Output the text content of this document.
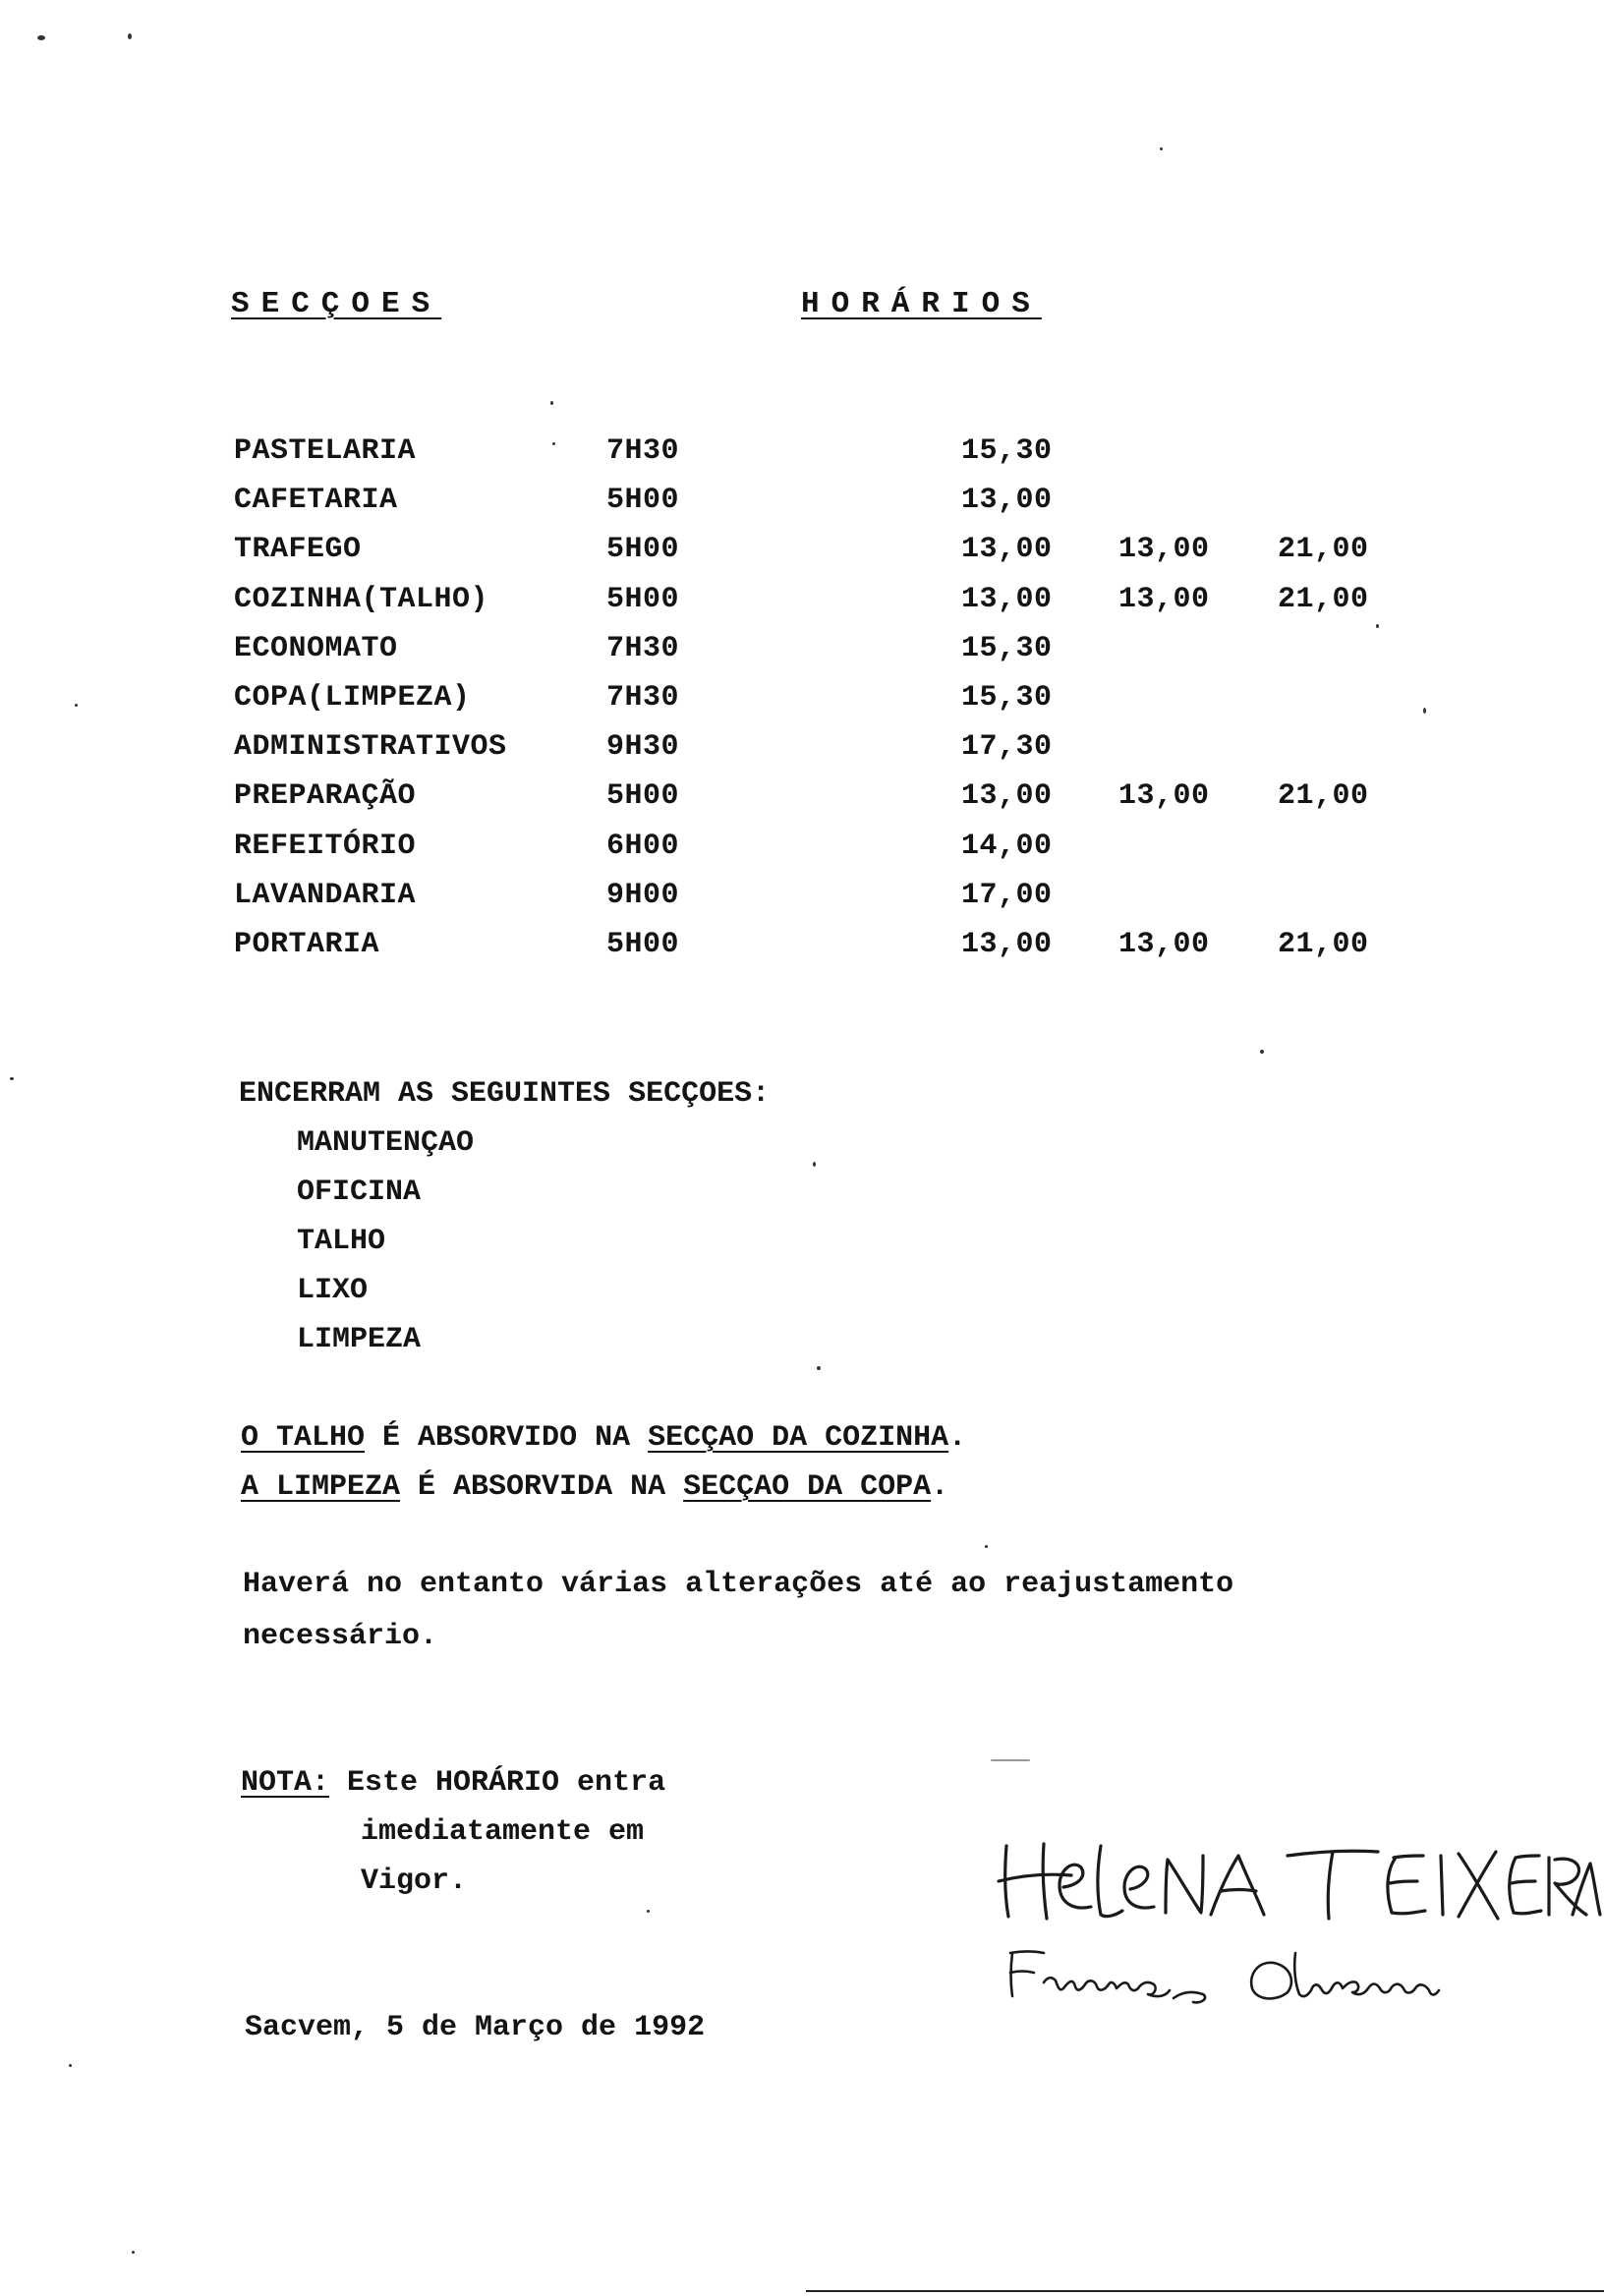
SECÇOES	HORÁRIOS
PASTELARIA	7H30	15,30
CAFETARIA	5H00	13,00
TRAFEGO	5H00	13,00 13,00 21,00
COZINHA(TALHO)	5H00	13,00 13,00 21,00
ECONOMATO	7H30	15,30
COPA(LIMPEZA)	7H30	15,30
ADMINISTRATIVOS	9H30	17,30
PREPARAÇÃO	5H00	13,00 13,00 21,00
REFEITÓRIO	6H00	14,00
LAVANDARIA	9H00	17,00
PORTARIA	5H00	13,00 13,00 21,00
ENCERRAM AS SEGUINTES SECÇOES:
MANUTENÇAO
OFICINA
TALHO
LIXO
LIMPEZA
O TALHO É ABSORVIDO NA SECÇAO DA COZINHA.
A LIMPEZA É ABSORVIDA NA SECÇAO DA COPA.
Haverá no entanto várias alterações até ao reajustamento
necessário.
NOTA: Este HORÁRIO entra
imediatamente em
Vigor.
Sacvem, 5 de Março de 1992
